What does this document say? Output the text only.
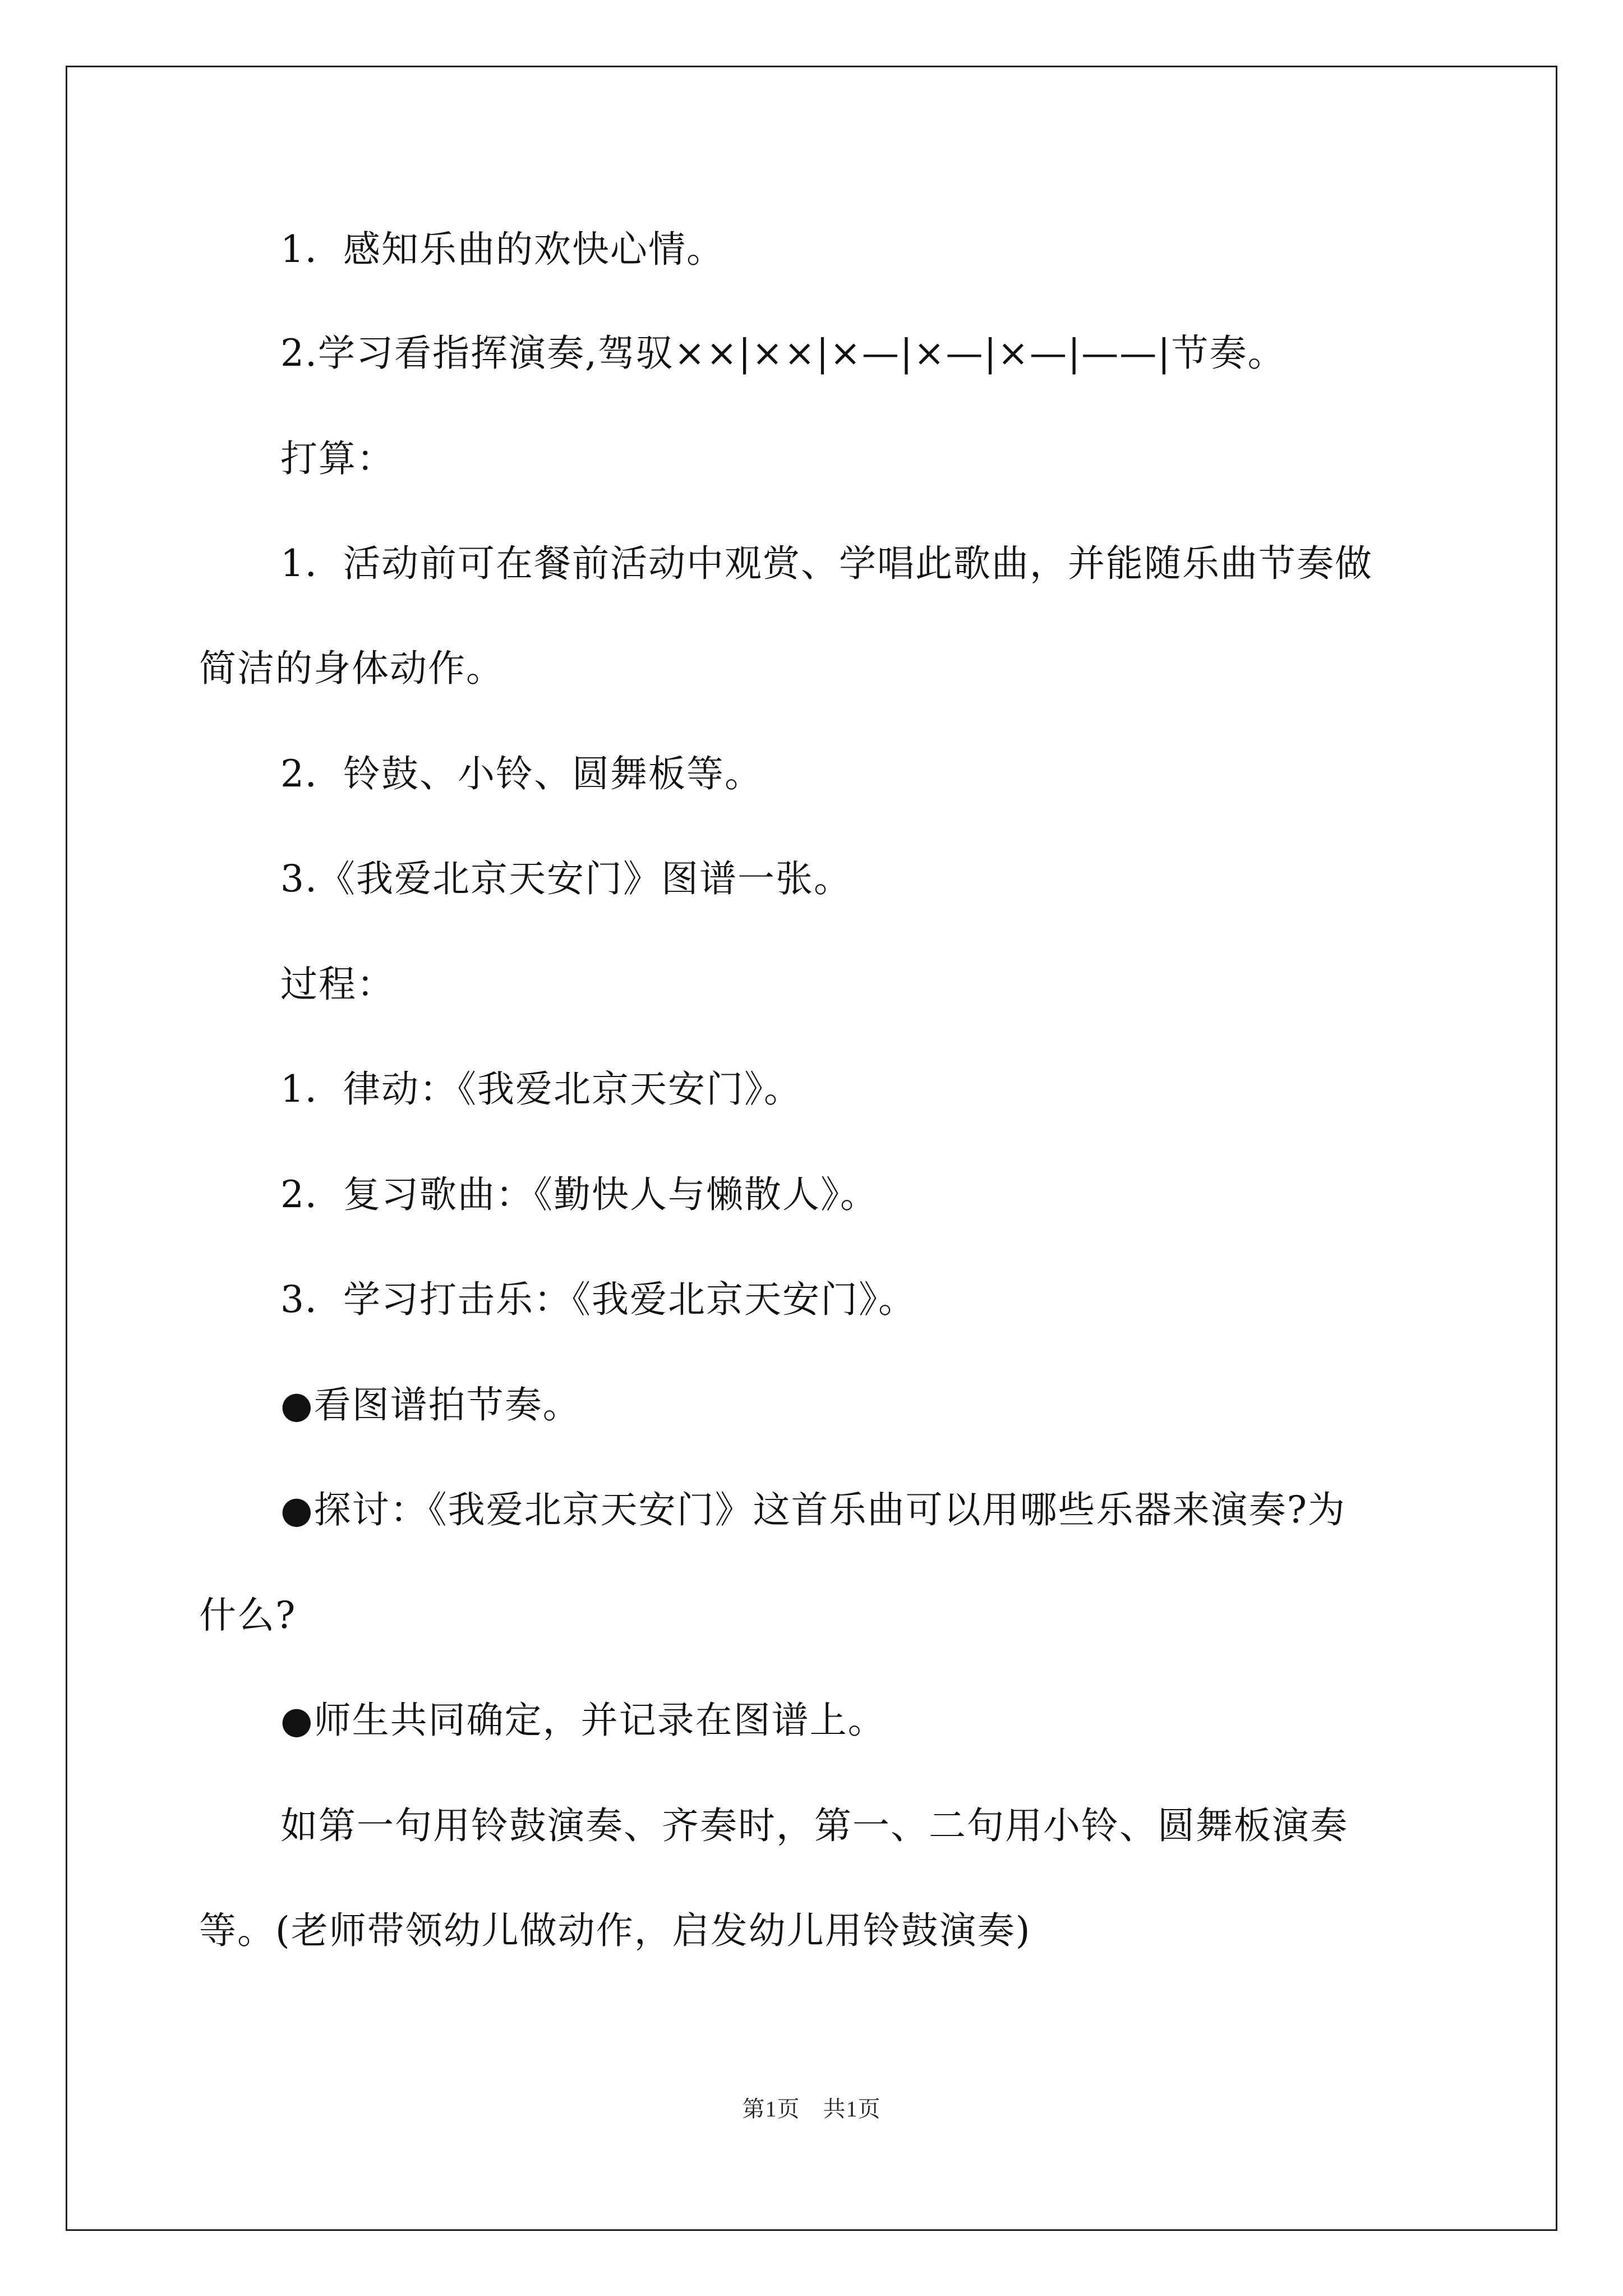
1．感知乐曲的欢快心情。
2.学习看指挥演奏,驾驭××|××|×—|×—|×—|——|节奏。
打算：
1．活动前可在餐前活动中观赏、学唱此歌曲，并能随乐曲节奏做
简洁的身体动作。
2．铃鼓、小铃、圆舞板等。
3.《我爱北京天安门》图谱一张。
过程：
1．律动：《我爱北京天安门》。
2．复习歌曲：《勤快人与懒散人》。
3．学习打击乐：《我爱北京天安门》。
●看图谱拍节奏。
●探讨：《我爱北京天安门》这首乐曲可以用哪些乐器来演奏?为
什么?
●师生共同确定，并记录在图谱上。
如第一句用铃鼓演奏、齐奏时，第一、二句用小铃、圆舞板演奏
等。(老师带领幼儿做动作，启发幼儿用铃鼓演奏)
第1页　共1页
